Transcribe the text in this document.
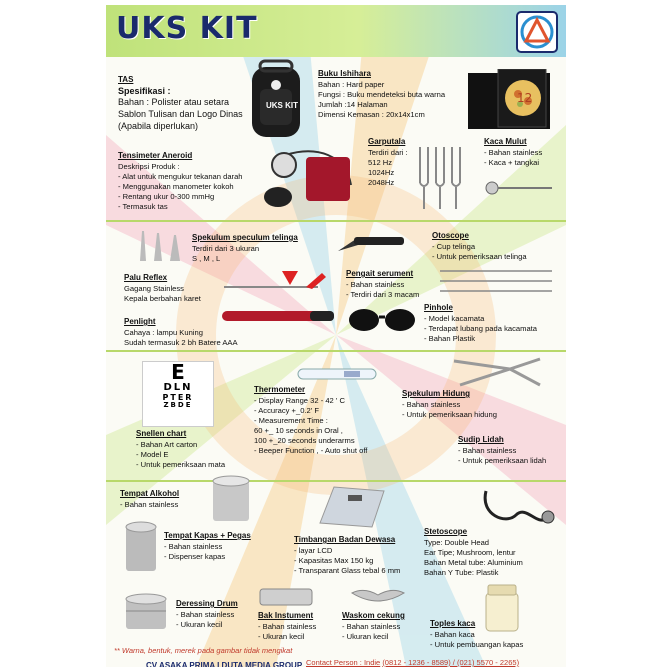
UKS KIT
UKS KIT
TAS
Spesifikasi :
Bahan : Polister atau setara
Sablon Tulisan dan Logo Dinas
(Apabila diperlukan)
Buku Ishihara
Bahan : Hard paper
Fungsi : Buku mendeteksi buta warna
Jumlah :14 Halaman
Dimensi Kemasan : 20x14x1cm
12
Tensimeter Aneroid
Deskripsi Produk :
- Alat untuk mengukur tekanan darah
- Menggunakan manometer kokoh
- Rentang ukur 0-300 mmHg
- Termasuk tas
Garputala
Terdiri dari :
512 Hz
1024Hz
2048Hz
Kaca Mulut
- Bahan stainless
- Kaca + tangkai
Spekulum speculum telinga
Terdiri dari 3 ukuran
S , M , L
Otoscope
- Cup telinga
- Untuk pemeriksaan telinga
Palu Reflex
Gagang Stainless
Kepala berbahan karet
Pengait serument
- Bahan stainless
- Terdiri dari 3 macam
Penlight
Cahaya : lampu Kuning
Sudah termasuk 2 bh Batere AAA
Pinhole
- Model kacamata
- Terdapat lubang pada kacamata
- Bahan Plastik
E
DLN
PTER
ZBDE
Snellen chart
- Bahan Art carton
- Model E
- Untuk pemeriksaan mata
Thermometer
- Display Range 32 - 42 ' C
- Accuracy +_0.2' F
- Measurement Time :
60 +_ 10 seconds in Oral ,
100 +_20 seconds underarms
- Beeper Function , - Auto shut off
Spekulum Hidung
- Bahan stainless
- Untuk pemeriksaan hidung
Sudip Lidah
- Bahan stainless
- Untuk pemeriksaan lidah
Tempat Alkohol
- Bahan stainless
Tempat Kapas + Pegas
- Bahan stainless
- Dispenser kapas
Timbangan Badan Dewasa
- layar LCD
- Kapasitas Max 150 kg
- Transparant Glass tebal 6 mm
Stetoscope
Type: Double Head
Ear Tipe; Mushroom, lentur
Bahan Metal tube: Aluminium
Bahan Y Tube: Plastik
Deressing Drum
- Bahan stainless
- Ukuran kecil
Bak Instument
- Bahan stainless
- Ukuran kecil
Waskom cekung
- Bahan stainless
- Ukuran kecil
Toples kaca
- Bahan kaca
- Untuk pembuangan kapas
** Warna, bentuk, merek pada gambar tidak mengikat
Contact Person : Indie (0812 - 1236 - 8589) / (021) 5570 - 2265)
CV ASAKA PRIMA I DUTA MEDIA GROUP
